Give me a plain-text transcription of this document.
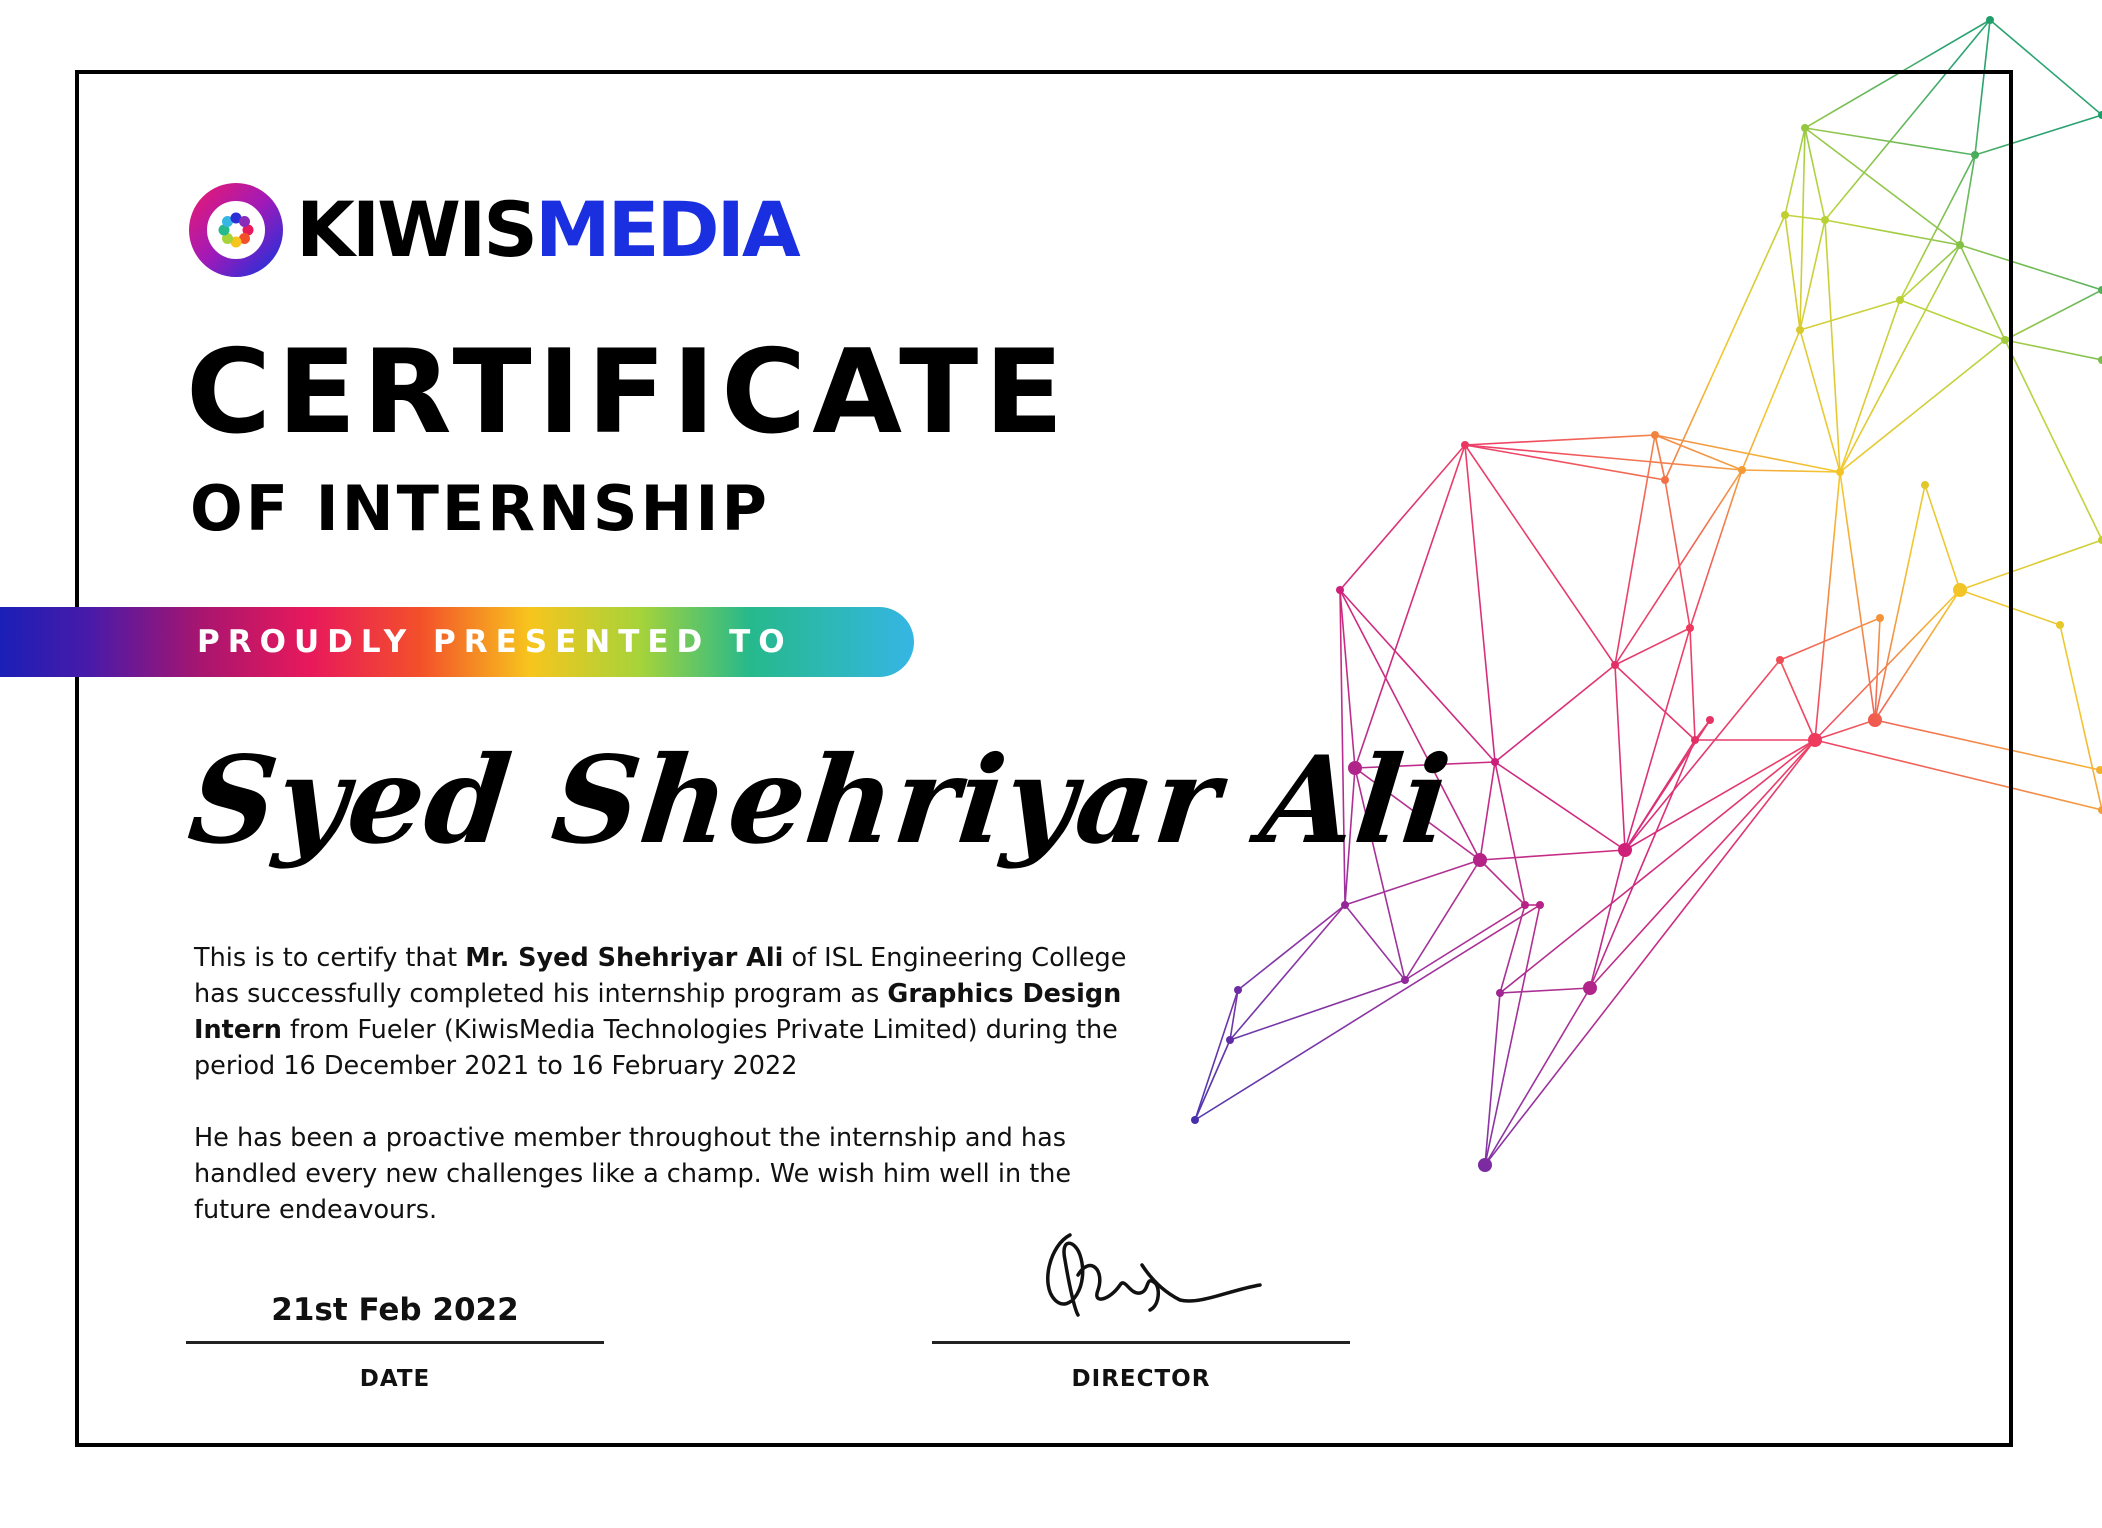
KIWISMEDIA
CERTIFICATE
OF INTERNSHIP
PROUDLY PRESENTED TO
Syed Shehriyar Ali
This is to certify that Mr. Syed Shehriyar Ali of ISL Engineering College has successfully completed his internship program as Graphics Design Intern from Fueler (KiwisMedia Technologies Private Limited) during the period 16 December 2021 to 16 February 2022
He has been a proactive member throughout the internship and has handled every new challenges like a champ. We wish him well in the future endeavours.
21st Feb 2022
DATE	DIRECTOR
